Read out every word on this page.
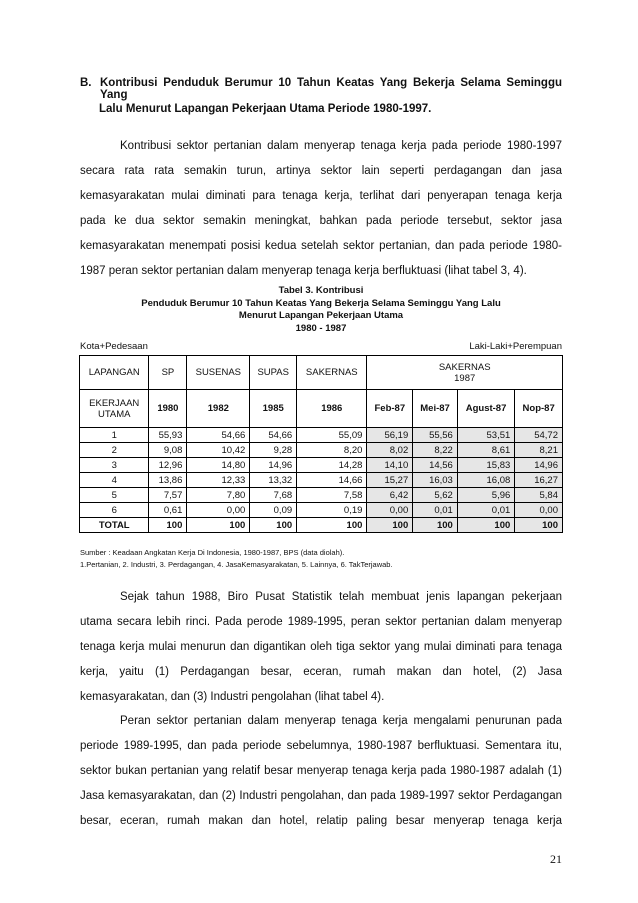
B. Kontribusi Penduduk Berumur 10 Tahun Keatas Yang Bekerja Selama Seminggu Yang
Lalu Menurut Lapangan Pekerjaan Utama Periode 1980-1997.
Kontribusi sektor pertanian dalam menyerap tenaga kerja pada periode 1980-1997
secara rata rata semakin turun, artinya sektor lain seperti perdagangan dan jasa
kemasyarakatan mulai diminati para tenaga kerja, terlihat dari penyerapan tenaga kerja
pada ke dua sektor semakin meningkat, bahkan pada periode tersebut, sektor jasa
kemasyarakatan menempati posisi kedua setelah sektor pertanian, dan pada periode 1980-
1987 peran sektor pertanian dalam menyerap tenaga kerja berfluktuasi (lihat tabel 3, 4).
Tabel 3. Kontribusi
Penduduk Berumur 10 Tahun Keatas Yang Bekerja Selama Seminggu Yang Lalu
Menurut Lapangan Pekerjaan Utama
1980 - 1987
Kota+Pedesaan	Laki-Laki+Perempuan
LAPANGAN	SP	SUSENAS	SUPAS	SAKERNAS	SAKERNAS
1987			

EKERJAAN
UTAMA	1980	1982	1985	1986	Feb-87	Mei-87	Agust-87	Nop-87
1	55,93	54,66	54,66	55,09	56,19	55,56	53,51	54,72
2	9,08	10,42	9,28	8,20	8,02	8,22	8,61	8,21
3	12,96	14,80	14,96	14,28	14,10	14,56	15,83	14,96
4	13,86	12,33	13,32	14,66	15,27	16,03	16,08	16,27
5	7,57	7,80	7,68	7,58	6,42	5,62	5,96	5,84
6	0,61	0,00	0,09	0,19	0,00	0,01	0,01	0,00
TOTAL	100	100	100	100	100	100	100	100
Sumber : Keadaan Angkatan Kerja Di Indonesia, 1980-1987, BPS (data diolah).
1.Pertanian, 2. Industri, 3. Perdagangan, 4. JasaKemasyarakatan, 5. Lainnya, 6. TakTerjawab.
Sejak tahun 1988, Biro Pusat Statistik telah membuat jenis lapangan pekerjaan
utama secara lebih rinci. Pada perode 1989-1995, peran sektor pertanian dalam menyerap
tenaga kerja mulai menurun dan digantikan oleh tiga sektor yang mulai diminati para tenaga
kerja, yaitu (1) Perdagangan besar, eceran, rumah makan dan hotel, (2) Jasa
kemasyarakatan, dan (3) Industri pengolahan (lihat tabel 4).
Peran sektor pertanian dalam menyerap tenaga kerja mengalami penurunan pada
periode 1989-1995, dan pada periode sebelumnya, 1980-1987 berfluktuasi. Sementara itu,
sektor bukan pertanian yang relatif besar menyerap tenaga kerja pada 1980-1987 adalah (1)
Jasa kemasyarakatan, dan (2) Industri pengolahan, dan pada 1989-1997 sektor Perdagangan
besar, eceran, rumah makan dan hotel, relatip paling besar menyerap tenaga kerja
21
